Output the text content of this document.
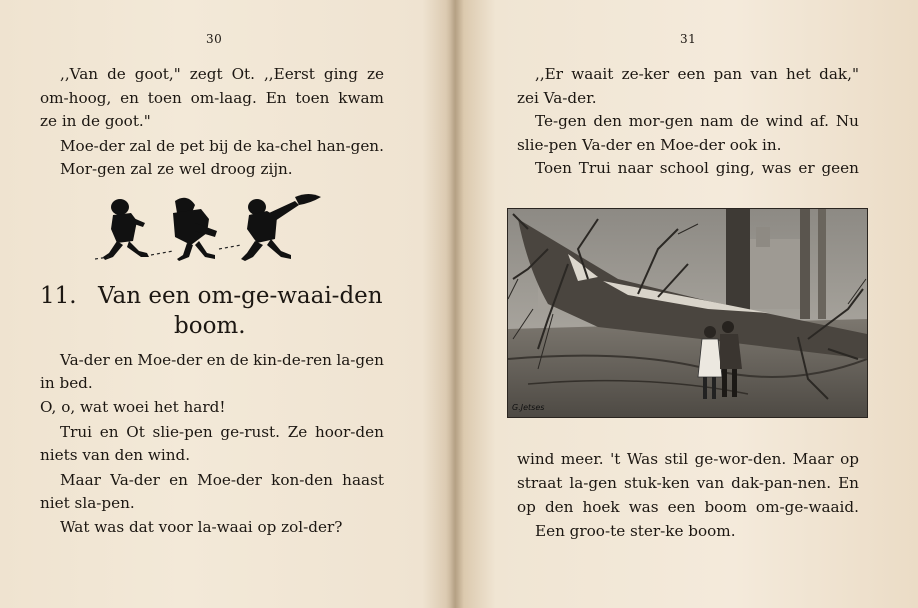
30
,,Van de goot," zegt Ot. ,,Eerst ging ze
om-hoog, en toen om-laag. En toen kwam
ze in de goot."
Moe-der zal de pet bij de ka-chel han-gen.
Mor-gen zal ze wel droog zijn.
11. Van een om-ge-waai-den
boom.
Va-der en Moe-der en de kin-de-ren la-gen
in bed.
O, o, wat woei het hard!
Trui en Ot slie-pen ge-rust. Ze hoor-den
niets van den wind.
Maar Va-der en Moe-der kon-den haast
niet sla-pen.
Wat was dat voor la-waai op zol-der?
31
,,Er waait ze-ker een pan van het dak,"
zei Va-der.
Te-gen den mor-gen nam de wind af. Nu
slie-pen Va-der en Moe-der ook in.
Toen Trui naar school ging, was er geen
G.Jetses
wind meer. 't Was stil ge-wor-den. Maar op
straat la-gen stuk-ken van dak-pan-nen. En
op den hoek was een boom om-ge-waaid.
Een groo-te ster-ke boom.
